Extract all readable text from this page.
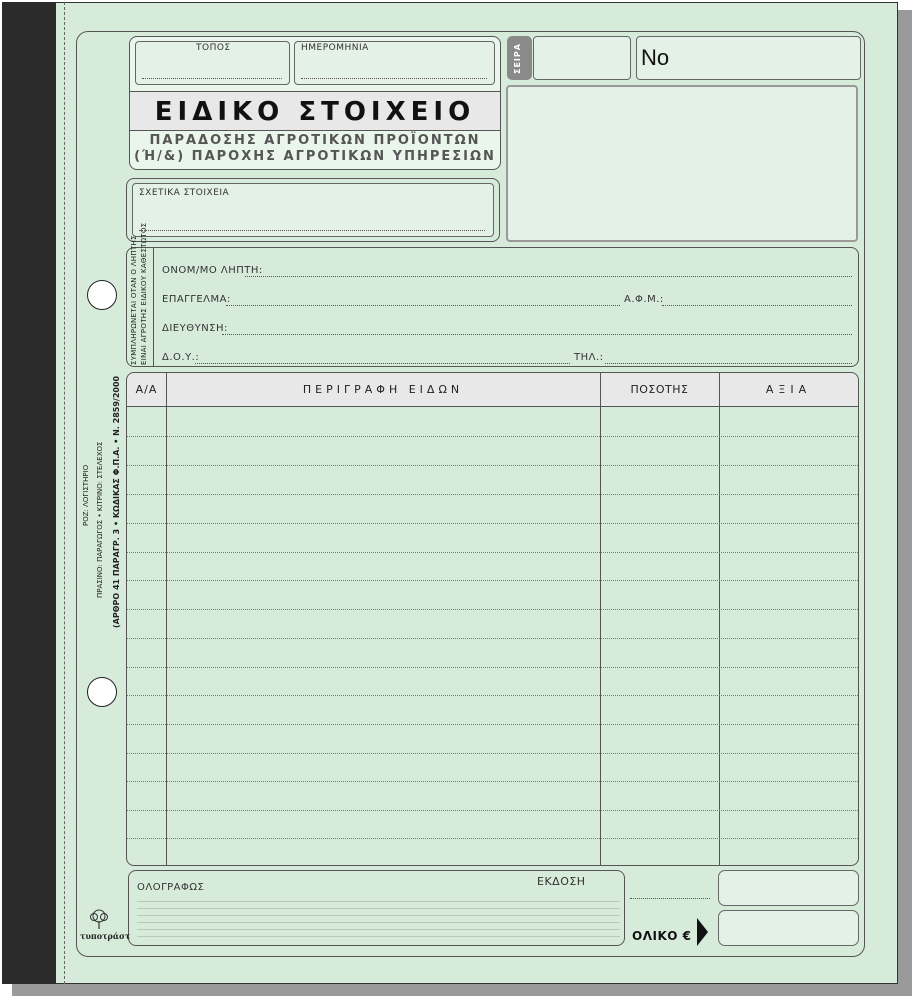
ΤΟΠΟΣ	ΗΜΕΡΟΜΗΝΙΑ
ΕΙΔΙΚΟ ΣΤΟΙΧΕΙΟ
ΠΑΡΑΔΟΣΗΣ ΑΓΡΟΤΙΚΩΝ ΠΡΟΪΟΝΤΩΝ
(Ή/&) ΠΑΡΟΧΗΣ ΑΓΡΟΤΙΚΩΝ ΥΠΗΡΕΣΙΩΝ
ΣΧΕΤΙΚΑ ΣΤΟΙΧΕΙΑ
ΣΕΙΡΑ	No
ΣΥΜΠΛΗΡΩΝΕΤΑΙ ΟΤΑΝ Ο ΛΗΠΤΗΣ ΕΙΝΑΙ ΑΓΡΟΤΗΣ ΕΙΔΙΚΟΥ ΚΑΘΕΣΤΩΤΟΣ ΟΝΟΜ/ΜΟ ΛΗΠΤΗ:
ΕΠΑΓΓΕΛΜΑ:	Α.Φ.Μ.:
ΔΙΕΥΘΥΝΣΗ:
Δ.Ο.Υ.:	ΤΗΛ.:
Α/Α	ΠΕΡΙΓΡΑΦΗ ΕΙΔΩΝ	ΠΟΣΟΤΗΣ	ΑΞΙΑ
ΟΛΟΓΡΑΦΩΣ	ΕΚΔΟΣΗ
ΟΛΙΚΟ €
ΡΟΖ: ΛΟΓΙΣΤΗΡΙΟ ΠΡΑΣΙΝΟ: ΠΑΡΑΓΩΓΟΣ • ΚΙΤΡΙΝΟ: ΣΤΕΛΕΧΟΣ (ΑΡΘΡΟ 41 ΠΑΡΑΓΡ. 3 • ΚΩΔΙΚΑΣ Φ.Π.Α. • Ν. 2859/2000
τυποτράστ
